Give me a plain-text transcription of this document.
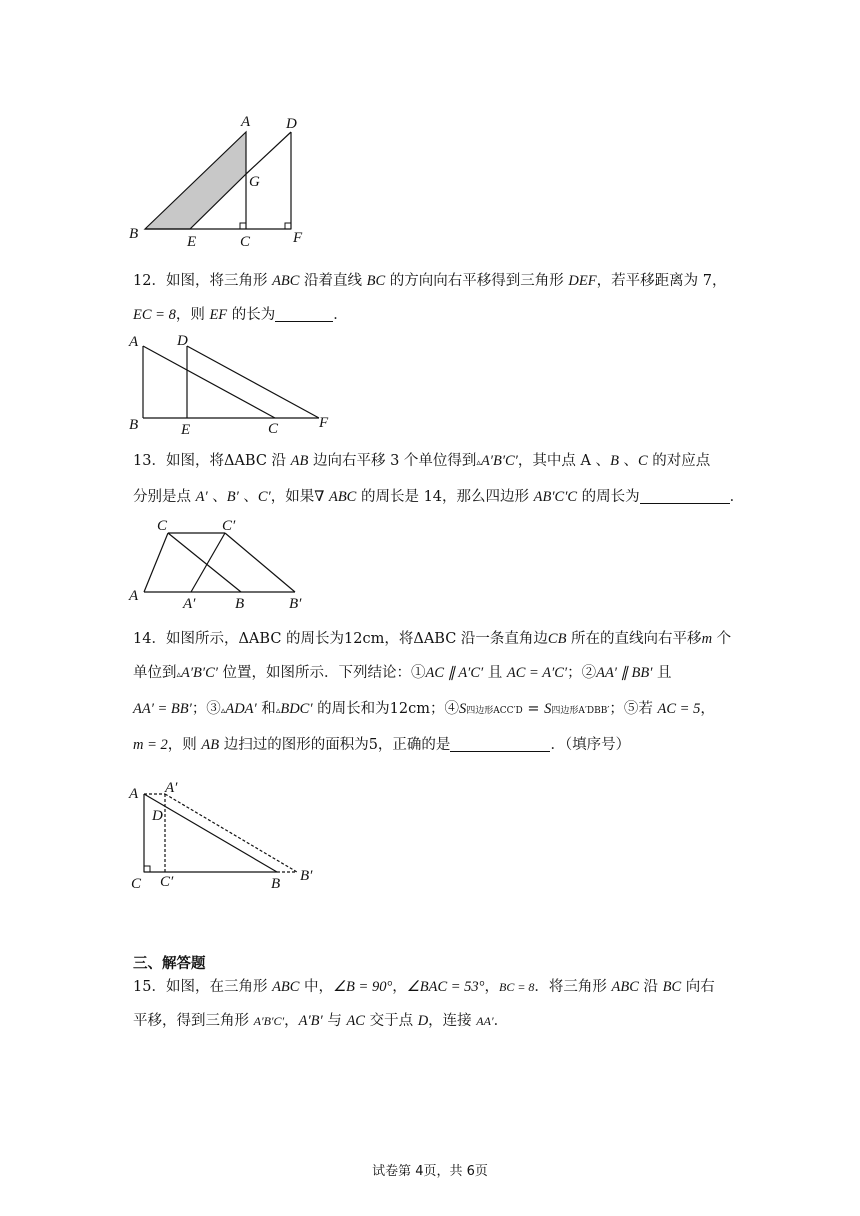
A D
G
B	E	C	F

12．如图，将三角形 ABC 沿着直线 BC 的方向向右平移得到三角形 DEF，若平移距离为 7，

EC = 8，则 EF 的长为	．

A	D
B	E	C	F

13．如图，将ΔABC 沿 AB 边向右平移 3 个单位得到▵A′B′C′，其中点 A 、B 、C 的对应点

分别是点 A′ 、B′ 、C′，如果∇ ABC 的周长是 14，那么四边形 AB′C′C 的周长为	．

C	C′
A	A′	B	B′

14．如图所示，ΔABC 的周长为12cm，将ΔABC 沿一条直角边CB 所在的直线向右平移m 个

单位到▵A′B′C′ 位置，如图所示．下列结论：①AC ∥ A′C′ 且 AC = A′C′；②AA′ ∥ BB′ 且

AA′ = BB′；③▵ADA′ 和▵BDC′ 的周长和为12cm；④S四边形ACC′D = S四边形A′DBB′；⑤若 AC = 5，

m = 2，则 AB 边扫过的图形的面积为5，正确的是	．（填序号）

A A′
D
C C′	B B′
三、解答题

15．如图，在三角形 ABC 中，∠B = 90°，∠BAC = 53°，BC = 8．将三角形 ABC 沿 BC 向右

平移，得到三角形 A′B′C′，A′B′ 与 AC 交于点 D，连接 AA′．

试卷第 4页，共 6页
